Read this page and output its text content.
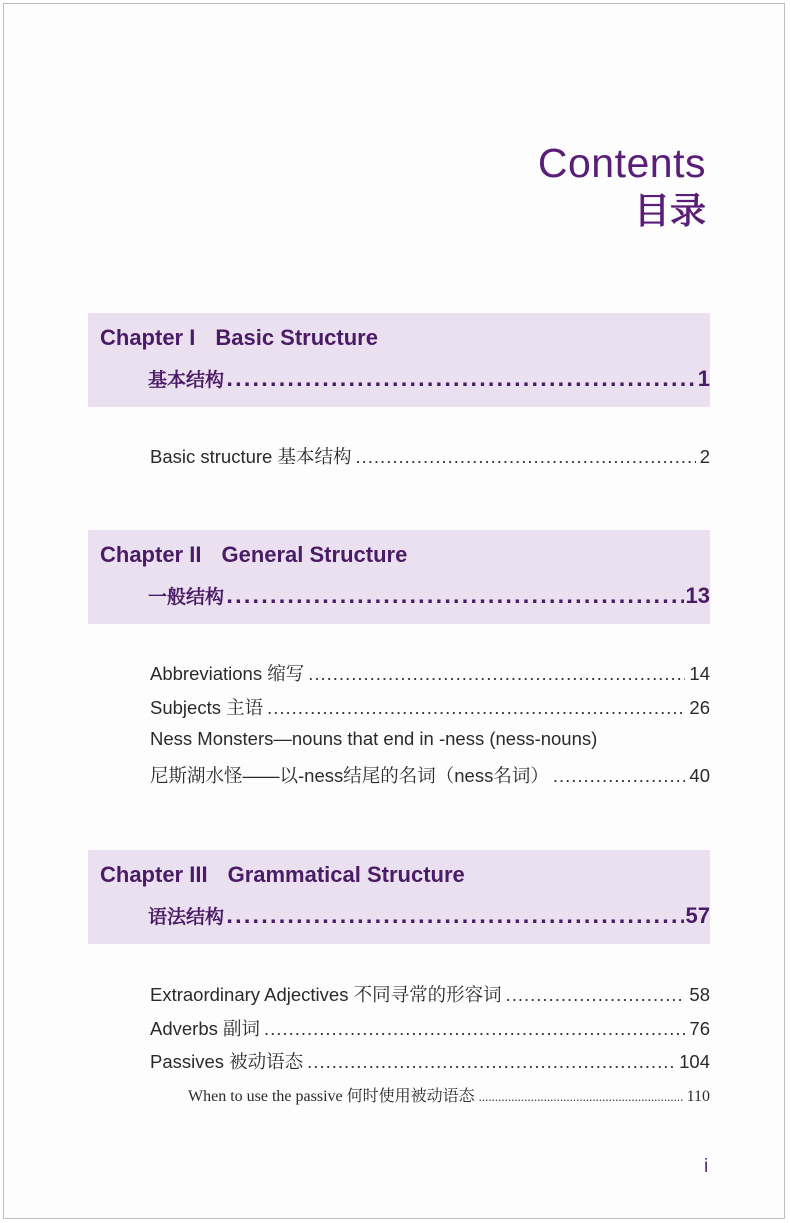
Contents
目录
Chapter I Basic Structure
基本结构 .....	1
Basic structure 基本结构 .....	2
Chapter II General Structure
一般结构 .....	13
Abbreviations 缩写 .....	14
Subjects 主语 .....	26
Ness Monsters—nouns that end in -ness (ness-nouns)
尼斯湖水怪——以-ness结尾的名词（ness名词） .....	40
Chapter III Grammatical Structure
语法结构 .....	57
Extraordinary Adjectives 不同寻常的形容词 .....	58
Adverbs 副词 .....	76
Passives 被动语态 .....	104
When to use the passive 何时使用被动语态 .....	110
i
